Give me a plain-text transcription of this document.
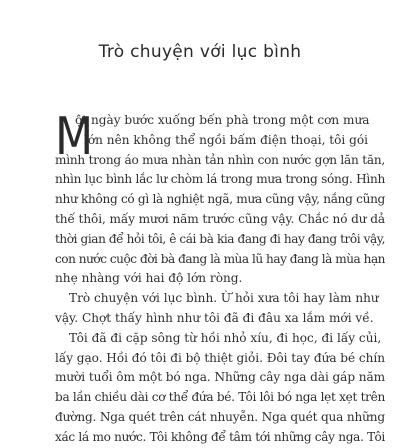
Trò chuyện với lục bình
M
ột ngày bước xuống bến phà trong một cơn mưa
lớn nên không thể ngồi bấm điện thoại, tôi gói
mình trong áo mưa nhàn tản nhìn con nước gợn lăn tăn,
nhìn lục bình lắc lư chòm lá trong mưa trong sóng. Hình
như không có gì là nghiệt ngã, mưa cũng vậy, nắng cũng
thế thôi, mấy mươi năm trước cũng vậy. Chắc nó dư dả
thời gian để hỏi tôi, ê cái bà kia đang đi hay đang trôi vậy,
con nước cuộc đời bà đang là mùa lũ hay đang là mùa hạn
nhẹ nhàng với hai độ lớn ròng.
Trò chuyện với lục bình. Ừ hỏi xưa tôi hay làm như
vậy. Chợt thấy hình như tôi đã đi đâu xa lắm mới về.
Tôi đã đi cặp sông từ hồi nhỏ xíu, đi học, đi lấy củi,
lấy gạo. Hồi đó tôi đi bộ thiệt giỏi. Đôi tay đứa bé chín
mười tuổi ôm một bó nga. Những cây nga dài gáp năm
ba lần chiều dài cơ thể đứa bé. Tôi lôi bó nga lẹt xẹt trên
đường. Nga quét trên cát nhuyễn. Nga quét qua những
xác lá mo nước. Tôi không để tâm tới những cây nga. Tôi
